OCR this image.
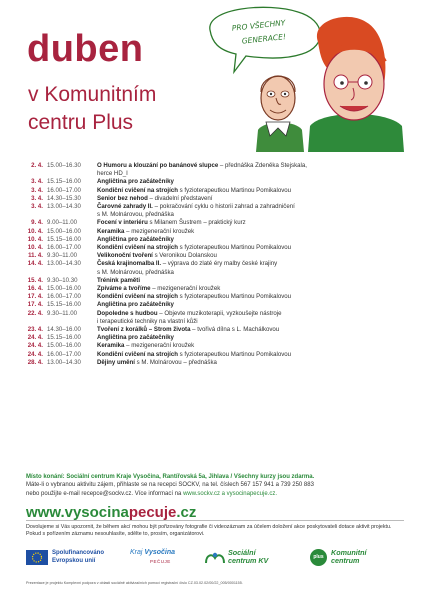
duben
v Komunitním
centru Plus
PRO VŠECHNY
GENERACE!
2. 4. 15.00–16.30	O Humoru a klouzání po banánové slupce – přednáška Zdeněka Stejskala,
herce HD_I
3. 4. 15.15–16.00	Angličtina pro začátečníky
3. 4. 16.00–17.00	Kondiční cvičení na strojích s fyzioterapeutkou Martinou Pomikalovou
3. 4. 14.30–15.30	Senior bez nehod – divadelní představení
3. 4. 13.00–14.30	Čarovné zahrady II. – pokračování cyklu o historii zahrad a zahradničení
s M. Molnárovou, přednáška
9. 4. 9.00–11.00	Focení v interiéru s Milanem Šustrem – praktický kurz
10. 4. 15.00–16.00	Keramika – mezigenerační kroužek
10. 4. 15.15–16.00	Angličtina pro začátečníky
10. 4. 16.00–17.00	Kondiční cvičení na strojích s fyzioterapeutkou Martinou Pomikalovou
11. 4. 9.30–11.00	Velikonoční tvoření s Veronikou Dolanskou
14. 4. 13.00–14.30	Česká krajinomalba II. – výprava do zlaté éry malby české krajiny
s M. Molnárovou, přednáška
15. 4. 9.30–10.30	Trénink paměti
16. 4. 15.00–16.00	Zpíváme a tvoříme – mezigenerační kroužek
17. 4. 16.00–17.00	Kondiční cvičení na strojích s fyzioterapeutkou Martinou Pomikalovou
17. 4. 15.15–16.00	Angličtina pro začátečníky
22. 4. 9.30–11.00	Dopoledne s hudbou – Objevte muzikoterapii, vyzkoušejte nástroje
i terapeutické techniky na vlastní kůži
23. 4. 14.30–16.00	Tvoření z korálků – Strom života – tvořivá dílna s L. Machálkovou
24. 4. 15.15–16.00	Angličtina pro začátečníky
24. 4. 15.00–16.00	Keramika – mezigenerační kroužek
24. 4. 16.00–17.00	Kondiční cvičení na strojích s fyzioterapeutkou Martinou Pomikalovou
28. 4. 13.00–14.30	Dějiny umění s M. Molnárovou – přednáška
Místo konání: Sociální centrum Kraje Vysočina, Rantířovská 5a, Jihlava / Všechny kurzy jsou zdarma.
Máte-li o vybranou aktivitu zájem, přihlaste se na recepci SOCKV, na tel. číslech 567 157 941 a 739 250 883
nebo použijte e-mail recepce@sockv.cz. Více informací na www.sockv.cz a vysocinapecuje.cz.
www.vysocinapecuje.cz
Dovolujeme si Vás upozornit, že během akcí mohou být pořizovány fotografie či videozáznam za účelem doložení akce poskytovateli dotace aktivit projektu. Pokud s pořízením záznamu nesouhlasíte, sdělte to, prosím, organizátorovi.
Spolufinancováno
Evropskou unií
Kraj Vysočina
PEČUJE
Sociální
centrum KV	plus	Komunitní
centrum
Prezentace je projektu Komplexní podpora v oblasti sociálně aktivizačních pomocí registrační číslo CZ.03.02.02/00/22_005/0001155.
